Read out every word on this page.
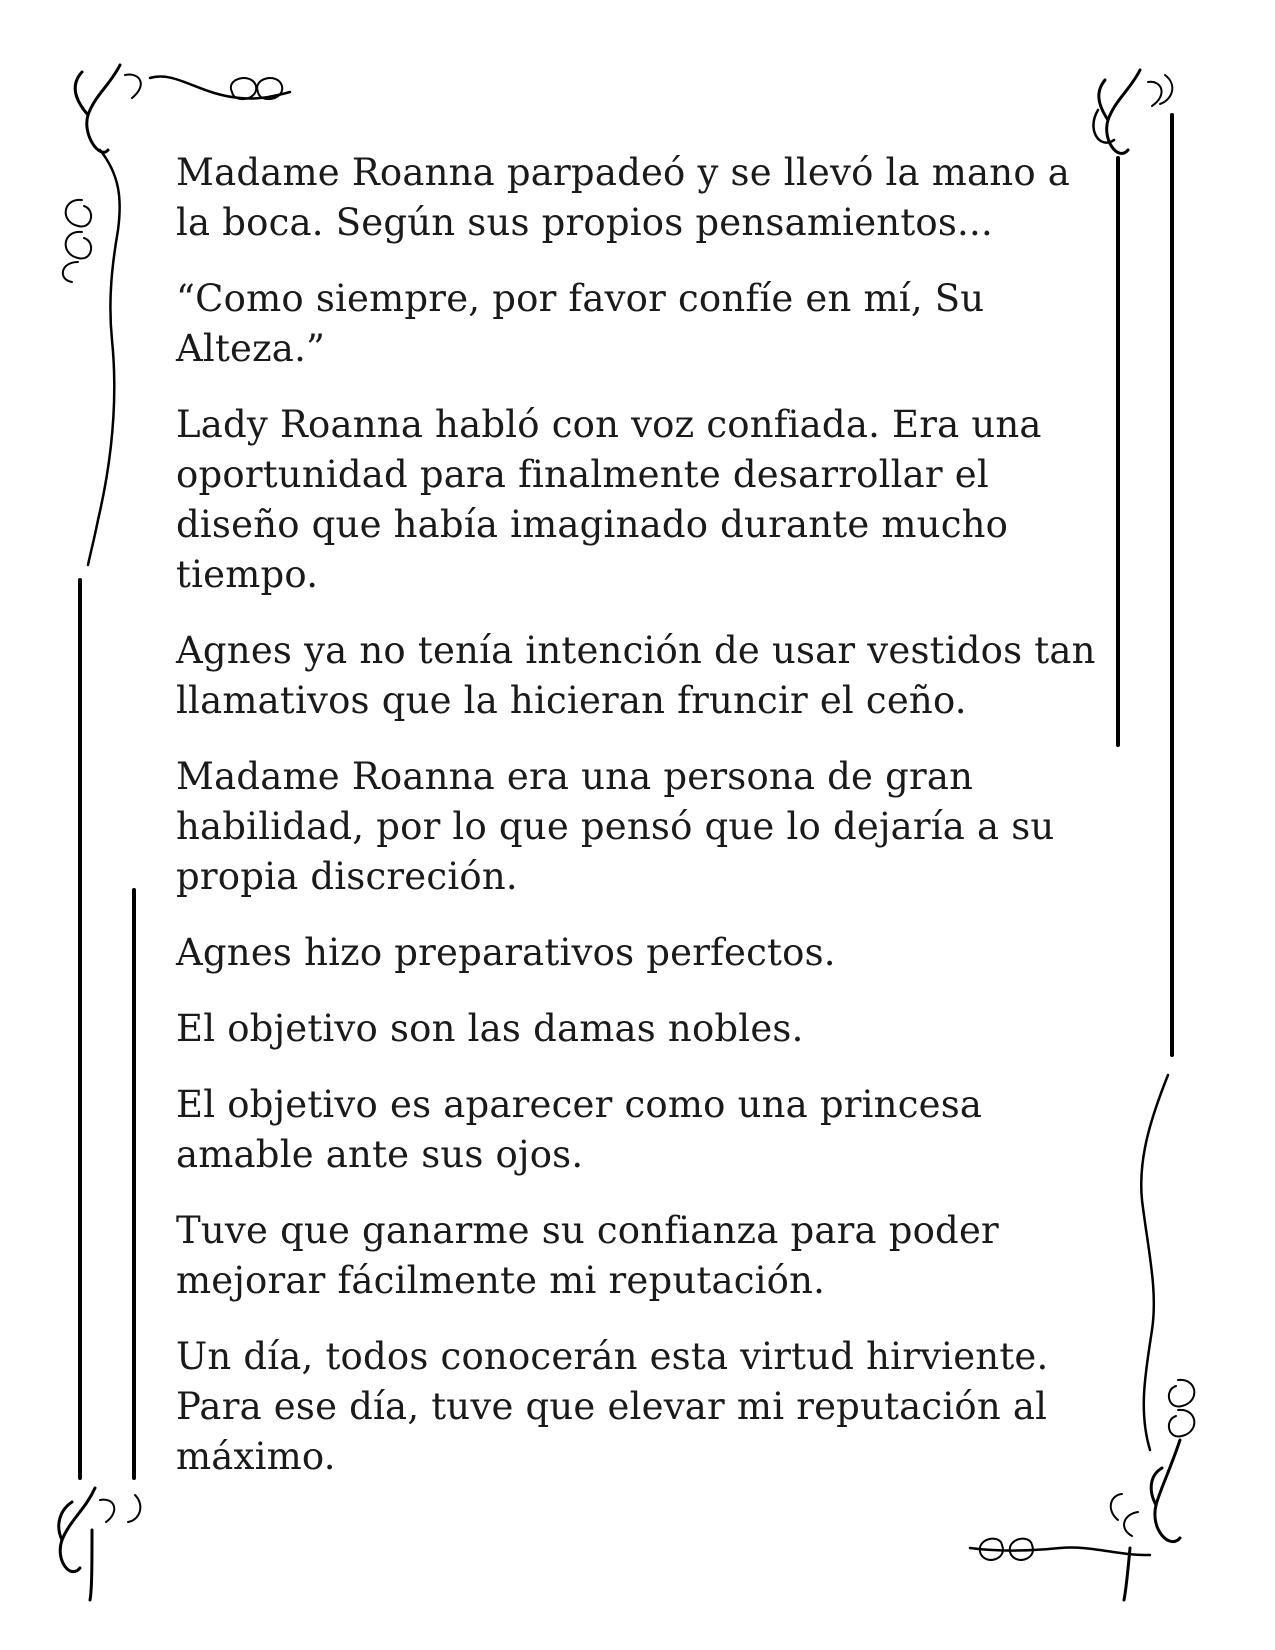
Madame Roanna parpadeó y se llevó la mano a la boca. Según sus propios pensamientos...

“Como siempre, por favor confíe en mí, Su Alteza.”

Lady Roanna habló con voz confiada. Era una oportunidad para finalmente desarrollar el diseño que había imaginado durante mucho tiempo.

Agnes ya no tenía intención de usar vestidos tan llamativos que la hicieran fruncir el ceño.

Madame Roanna era una persona de gran habilidad, por lo que pensó que lo dejaría a su propia discreción.

Agnes hizo preparativos perfectos.

El objetivo son las damas nobles.

El objetivo es aparecer como una princesa amable ante sus ojos.

Tuve que ganarme su confianza para poder mejorar fácilmente mi reputación.

Un día, todos conocerán esta virtud hirviente. Para ese día, tuve que elevar mi reputación al máximo.
